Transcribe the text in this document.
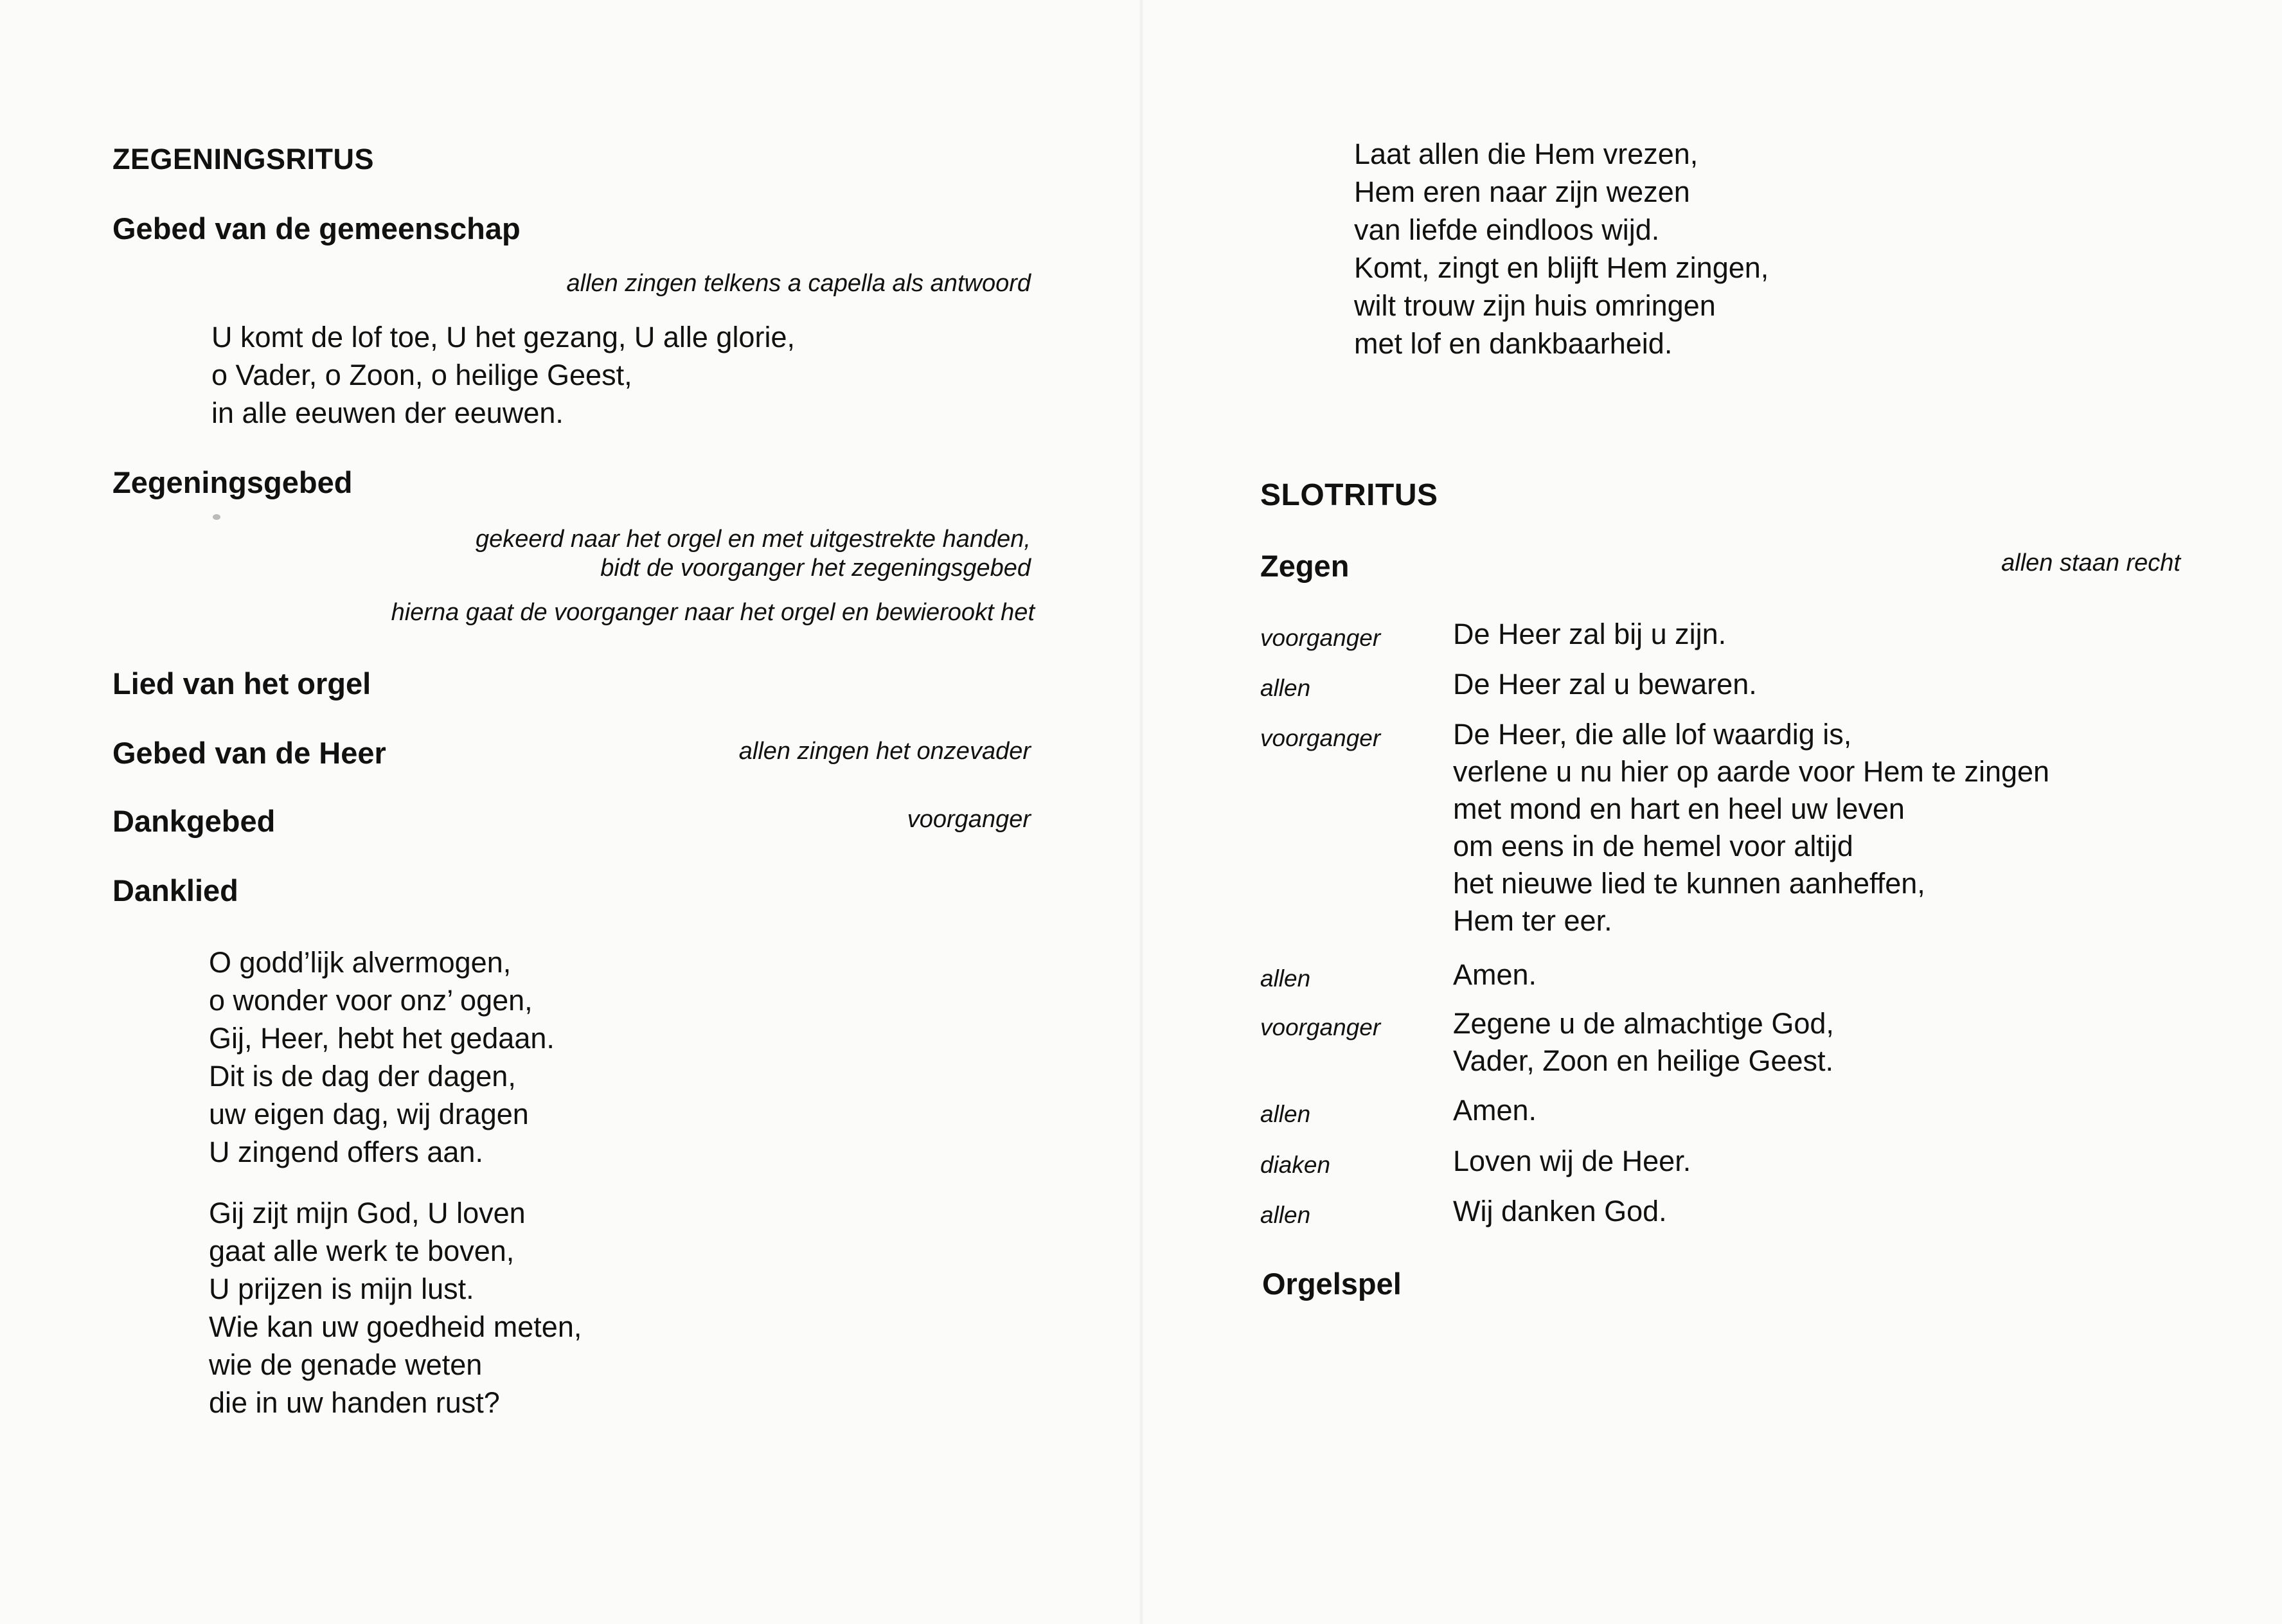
ZEGENINGSRITUS
Gebed van de gemeenschap
allen zingen telkens a capella als antwoord
U komt de lof toe, U het gezang, U alle glorie,
o Vader, o Zoon, o heilige Geest,
in alle eeuwen der eeuwen.
Zegeningsgebed
gekeerd naar het orgel en met uitgestrekte handen,
bidt de voorganger het zegeningsgebed
hierna gaat de voorganger naar het orgel en bewierookt het
Lied van het orgel
Gebed van de Heer	allen zingen het onzevader
Dankgebed	voorganger
Danklied
O godd’lijk alvermogen,
o wonder voor onz’ ogen,
Gij, Heer, hebt het gedaan.
Dit is de dag der dagen,
uw eigen dag, wij dragen
U zingend offers aan.
Gij zijt mijn God, U loven
gaat alle werk te boven,
U prijzen is mijn lust.
Wie kan uw goedheid meten,
wie de genade weten
die in uw handen rust?
Laat allen die Hem vrezen,
Hem eren naar zijn wezen
van liefde eindloos wijd.
Komt, zingt en blijft Hem zingen,
wilt trouw zijn huis omringen
met lof en dankbaarheid.
SLOTRITUS
Zegen	allen staan recht
voorganger	De Heer zal bij u zijn.
allen	De Heer zal u bewaren.
voorganger	De Heer, die alle lof waardig is,
verlene u nu hier op aarde voor Hem te zingen
met mond en hart en heel uw leven
om eens in de hemel voor altijd
het nieuwe lied te kunnen aanheffen,
Hem ter eer.
allen	Amen.
voorganger	Zegene u de almachtige God,
Vader, Zoon en heilige Geest.
allen	Amen.
diaken	Loven wij de Heer.
allen	Wij danken God.
Orgelspel
